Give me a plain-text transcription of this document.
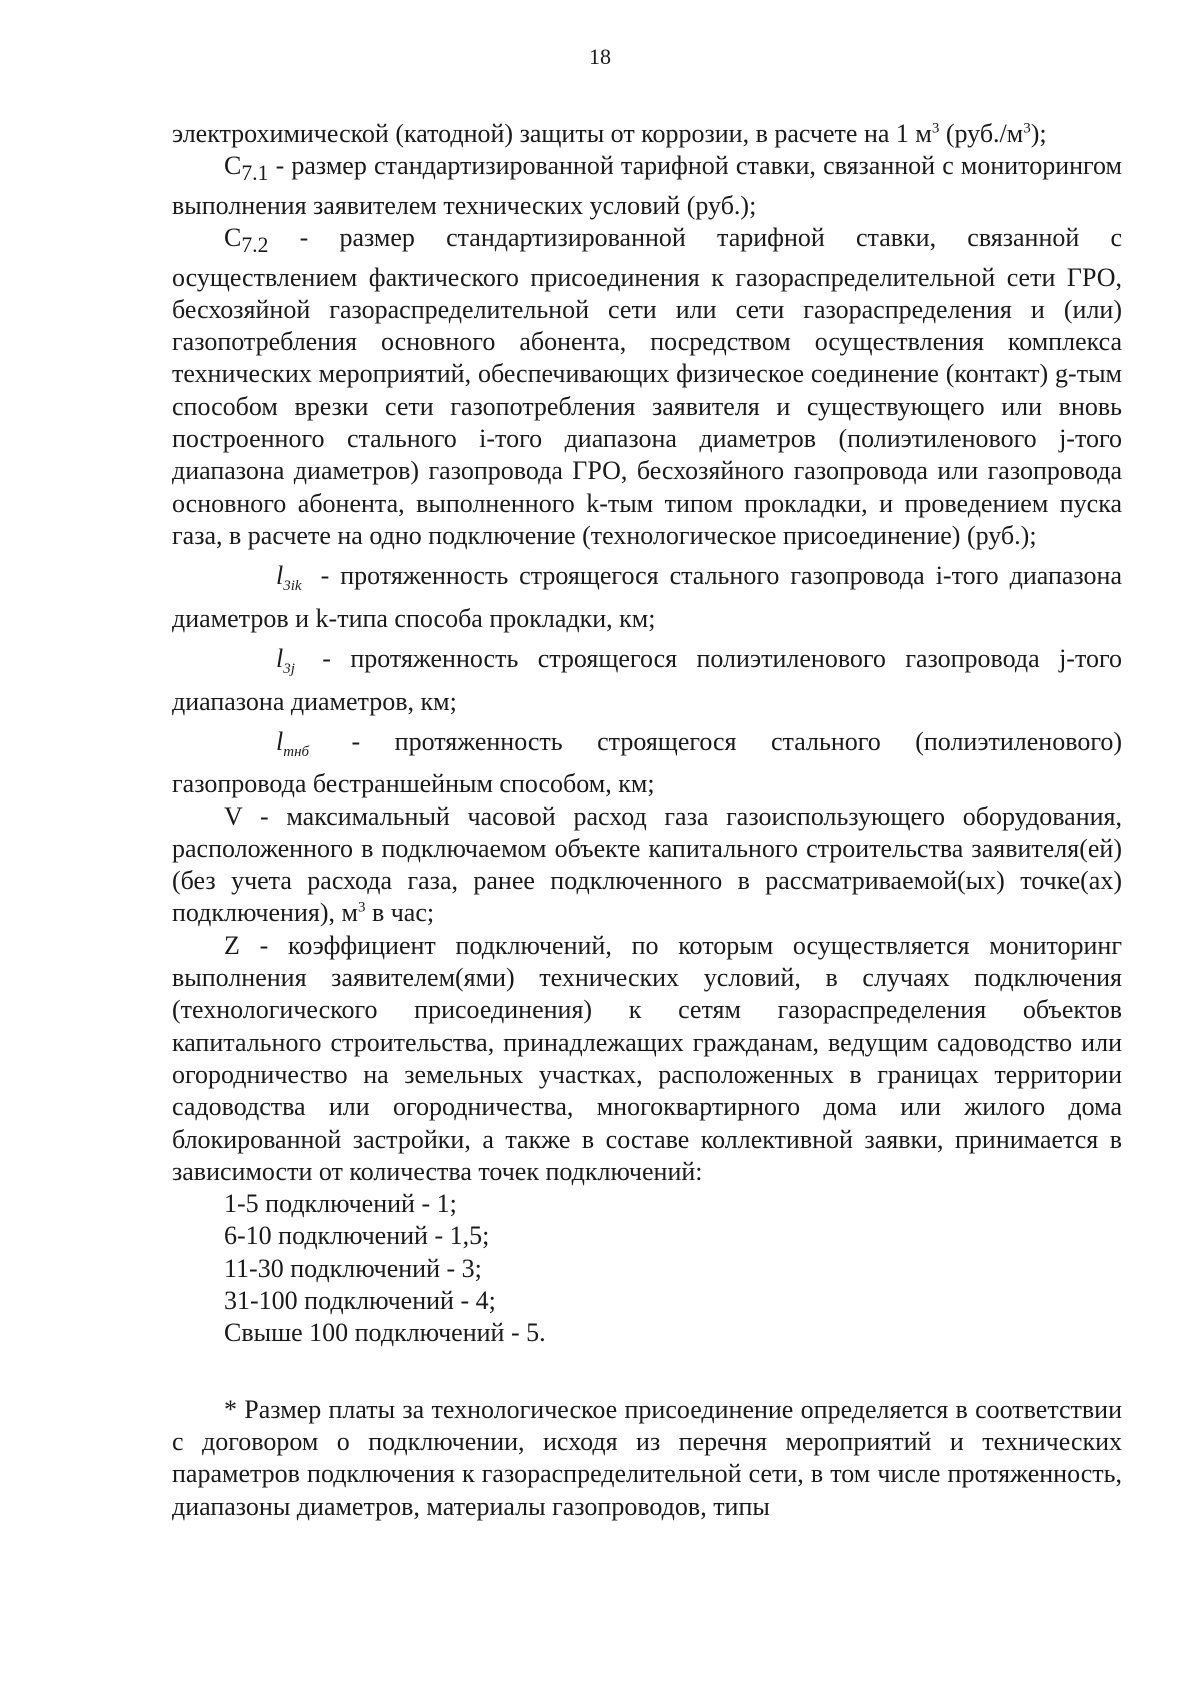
18

электрохимической (катодной) защиты от коррозии, в расчете на 1 $м^3$ $(руб./м^3)$;

$С_{7.1}$ - размер стандартизированной тарифной ставки, связанной с мониторингом выполнения заявителем технических условий (руб.);

$С_{7.2}$ - размер стандартизированной тарифной ставки, связанной с осуществлением фактического присоединения к газораспределительной сети ГРО, бесхозяйной газораспределительной сети или сети газораспределения и (или) газопотребления основного абонента, посредством осуществления комплекса технических мероприятий, обеспечивающих физическое соединение (контакт) g-тым способом врезки сети газопотребления заявителя и существующего или вновь построенного стального i-того диапазона диаметров (полиэтиленового j-того диапазона диаметров) газопровода ГРО, бесхозяйного газопровода или газопровода основного абонента, выполненного k-тым типом прокладки, и проведением пуска газа, в расчете на одно подключение (технологическое присоединение) (руб.);

$l_{3ik}$ - протяженность строящегося стального газопровода i-того диапазона диаметров и k-типа способа прокладки, км;

$l_{3j}$ - протяженность строящегося полиэтиленового газопровода j-того диапазона диаметров, км;

$l_{тнб}$ - протяженность строящегося стального (полиэтиленового) газопровода бестраншейным способом, км;

V - максимальный часовой расход газа газоиспользующего оборудования, расположенного в подключаемом объекте капитального строительства заявителя(ей) (без учета расхода газа, ранее подключенного в рассматриваемой(ых) точке(ах) подключения), $м^3$ в час;

Z - коэффициент подключений, по которым осуществляется мониторинг выполнения заявителем(ями) технических условий, в случаях подключения (технологического присоединения) к сетям газораспределения объектов капитального строительства, принадлежащих гражданам, ведущим садоводство или огородничество на земельных участках, расположенных в границах территории садоводства или огородничества, многоквартирного дома или жилого дома блокированной застройки, а также в составе коллективной заявки, принимается в зависимости от количества точек подключений:

1-5 подключений - 1;

6-10 подключений - 1,5;

11-30 подключений - 3;

31-100 подключений - 4;

Свыше 100 подключений - 5.

* Размер платы за технологическое присоединение определяется в соответствии с договором о подключении, исходя из перечня мероприятий и технических параметров подключения к газораспределительной сети, в том числе протяженность, диапазоны диаметров, материалы газопроводов, типы
